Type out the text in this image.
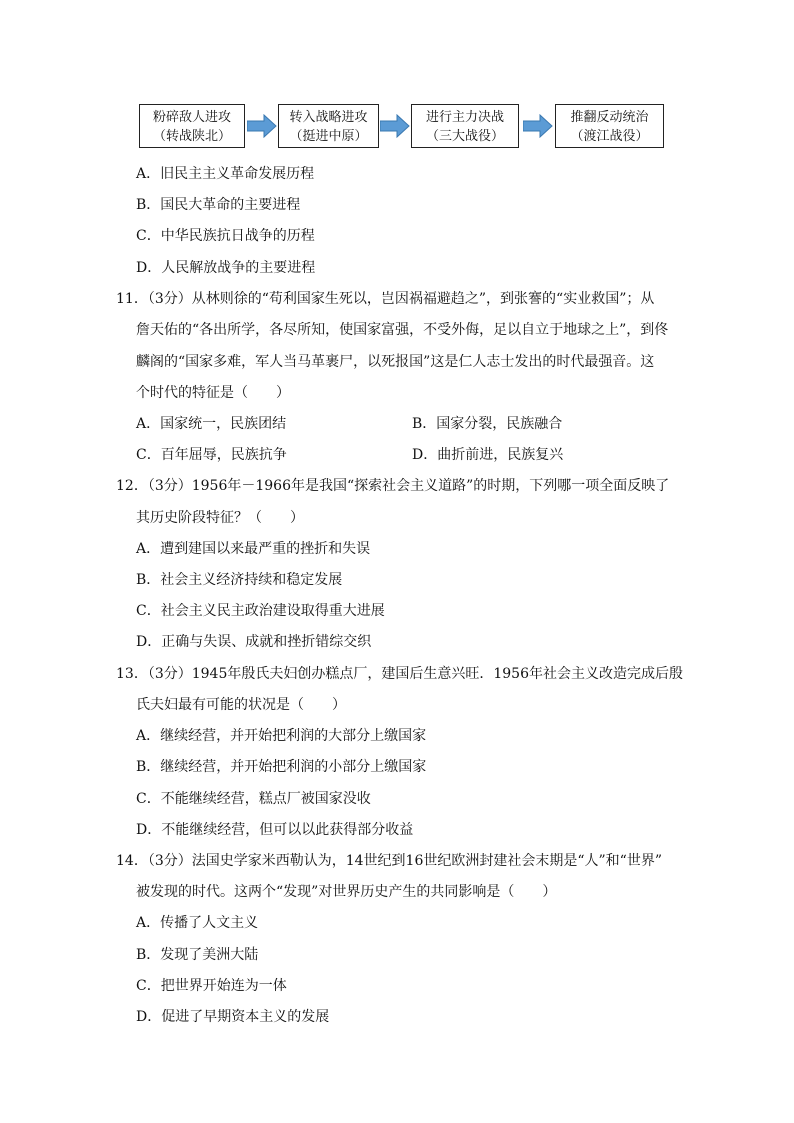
粉碎敌人进攻
（转战陕北）
转入战略进攻
（挺进中原）
进行主力决战
（三大战役）
推翻反动统治
（渡江战役）
A．旧民主主义革命发展历程
B．国民大革命的主要进程
C．中华民族抗日战争的历程
D．人民解放战争的主要进程
11．（3分）从林则徐的“苟利国家生死以，岂因祸福避趋之”，到张謇的“实业救国”；从
詹天佑的“各出所学，各尽所知，使国家富强，不受外侮，足以自立于地球之上”，到佟
麟阁的“国家多难，军人当马革裹尸，以死报国”这是仁人志士发出的时代最强音。这
个时代的特征是（　　）
A．国家统一，民族团结	B．国家分裂，民族融合
C．百年屈辱，民族抗争	D．曲折前进，民族复兴
12．（3分）1956年－1966年是我国“探索社会主义道路”的时期，下列哪一项全面反映了
其历史阶段特征？（　　）
A．遭到建国以来最严重的挫折和失误
B．社会主义经济持续和稳定发展
C．社会主义民主政治建设取得重大进展
D．正确与失误、成就和挫折错综交织
13．（3分）1945年殷氏夫妇创办糕点厂，建国后生意兴旺．1956年社会主义改造完成后殷
氏夫妇最有可能的状况是（　　）
A．继续经营，并开始把利润的大部分上缴国家
B．继续经营，并开始把利润的小部分上缴国家
C．不能继续经营，糕点厂被国家没收
D．不能继续经营，但可以以此获得部分收益
14．（3分）法国史学家米西勒认为，14世纪到16世纪欧洲封建社会末期是“人”和“世界”
被发现的时代。这两个“发现”对世界历史产生的共同影响是（　　）
A．传播了人文主义
B．发现了美洲大陆
C．把世界开始连为一体
D．促进了早期资本主义的发展
